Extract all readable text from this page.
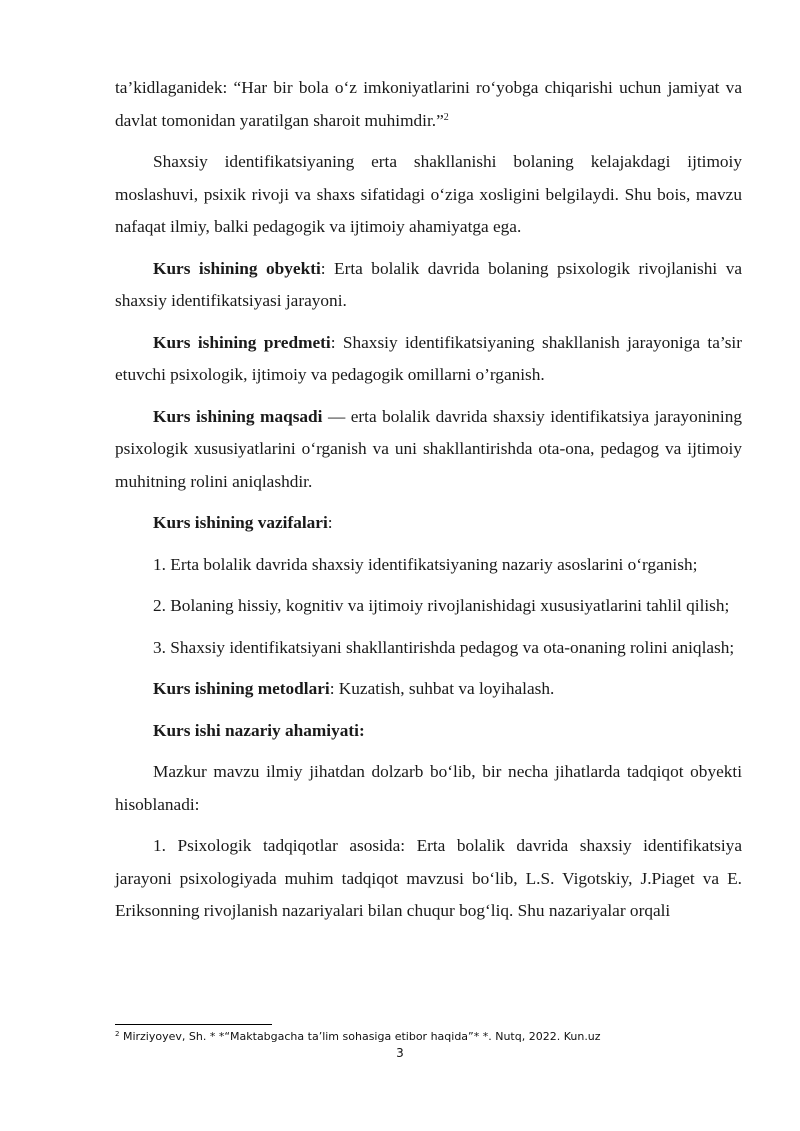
ta’kidlaganidek: “Har bir bola o‘z imkoniyatlarini ro‘yobga chiqarishi uchun jamiyat va davlat tomonidan yaratilgan sharoit muhimdir.”$^2$

Shaxsiy identifikatsiyaning erta shakllanishi bolaning kelajakdagi ijtimoiy moslashuvi, psixik rivoji va shaxs sifatidagi o‘ziga xosligini belgilaydi. Shu bois, mavzu nafaqat ilmiy, balki pedagogik va ijtimoiy ahamiyatga ega.

Kurs ishining obyekti: Erta bolalik davrida bolaning psixologik rivojlanishi va shaxsiy identifikatsiyasi jarayoni.

Kurs ishining predmeti: Shaxsiy identifikatsiyaning shakllanish jarayoniga ta’sir etuvchi psixologik, ijtimoiy va pedagogik omillarni o’rganish.

Kurs ishining maqsadi — erta bolalik davrida shaxsiy identifikatsiya jarayonining psixologik xususiyatlarini o‘rganish va uni shakllantirishda ota-ona, pedagog va ijtimoiy muhitning rolini aniqlashdir.

Kurs ishining vazifalari:

1. Erta bolalik davrida shaxsiy identifikatsiyaning nazariy asoslarini o‘rganish;

2. Bolaning hissiy, kognitiv va ijtimoiy rivojlanishidagi xususiyatlarini tahlil qilish;

3. Shaxsiy identifikatsiyani shakllantirishda pedagog va ota-onaning rolini aniqlash;

Kurs ishining metodlari: Kuzatish, suhbat va loyihalash.

Kurs ishi nazariy ahamiyati:

Mazkur mavzu ilmiy jihatdan dolzarb bo‘lib, bir necha jihatlarda tadqiqot obyekti hisoblanadi:

1. Psixologik tadqiqotlar asosida: Erta bolalik davrida shaxsiy identifikatsiya jarayoni psixologiyada muhim tadqiqot mavzusi bo‘lib, L.S. Vigotskiy, J.Piaget va E. Eriksonning rivojlanish nazariyalari bilan chuqur bog‘liq. Shu nazariyalar orqali

$^2$ Mirziyoyev, Sh. * *“Maktabgacha ta’lim sohasiga etibor haqida”* *. Nutq, 2022. Kun.uz
3
